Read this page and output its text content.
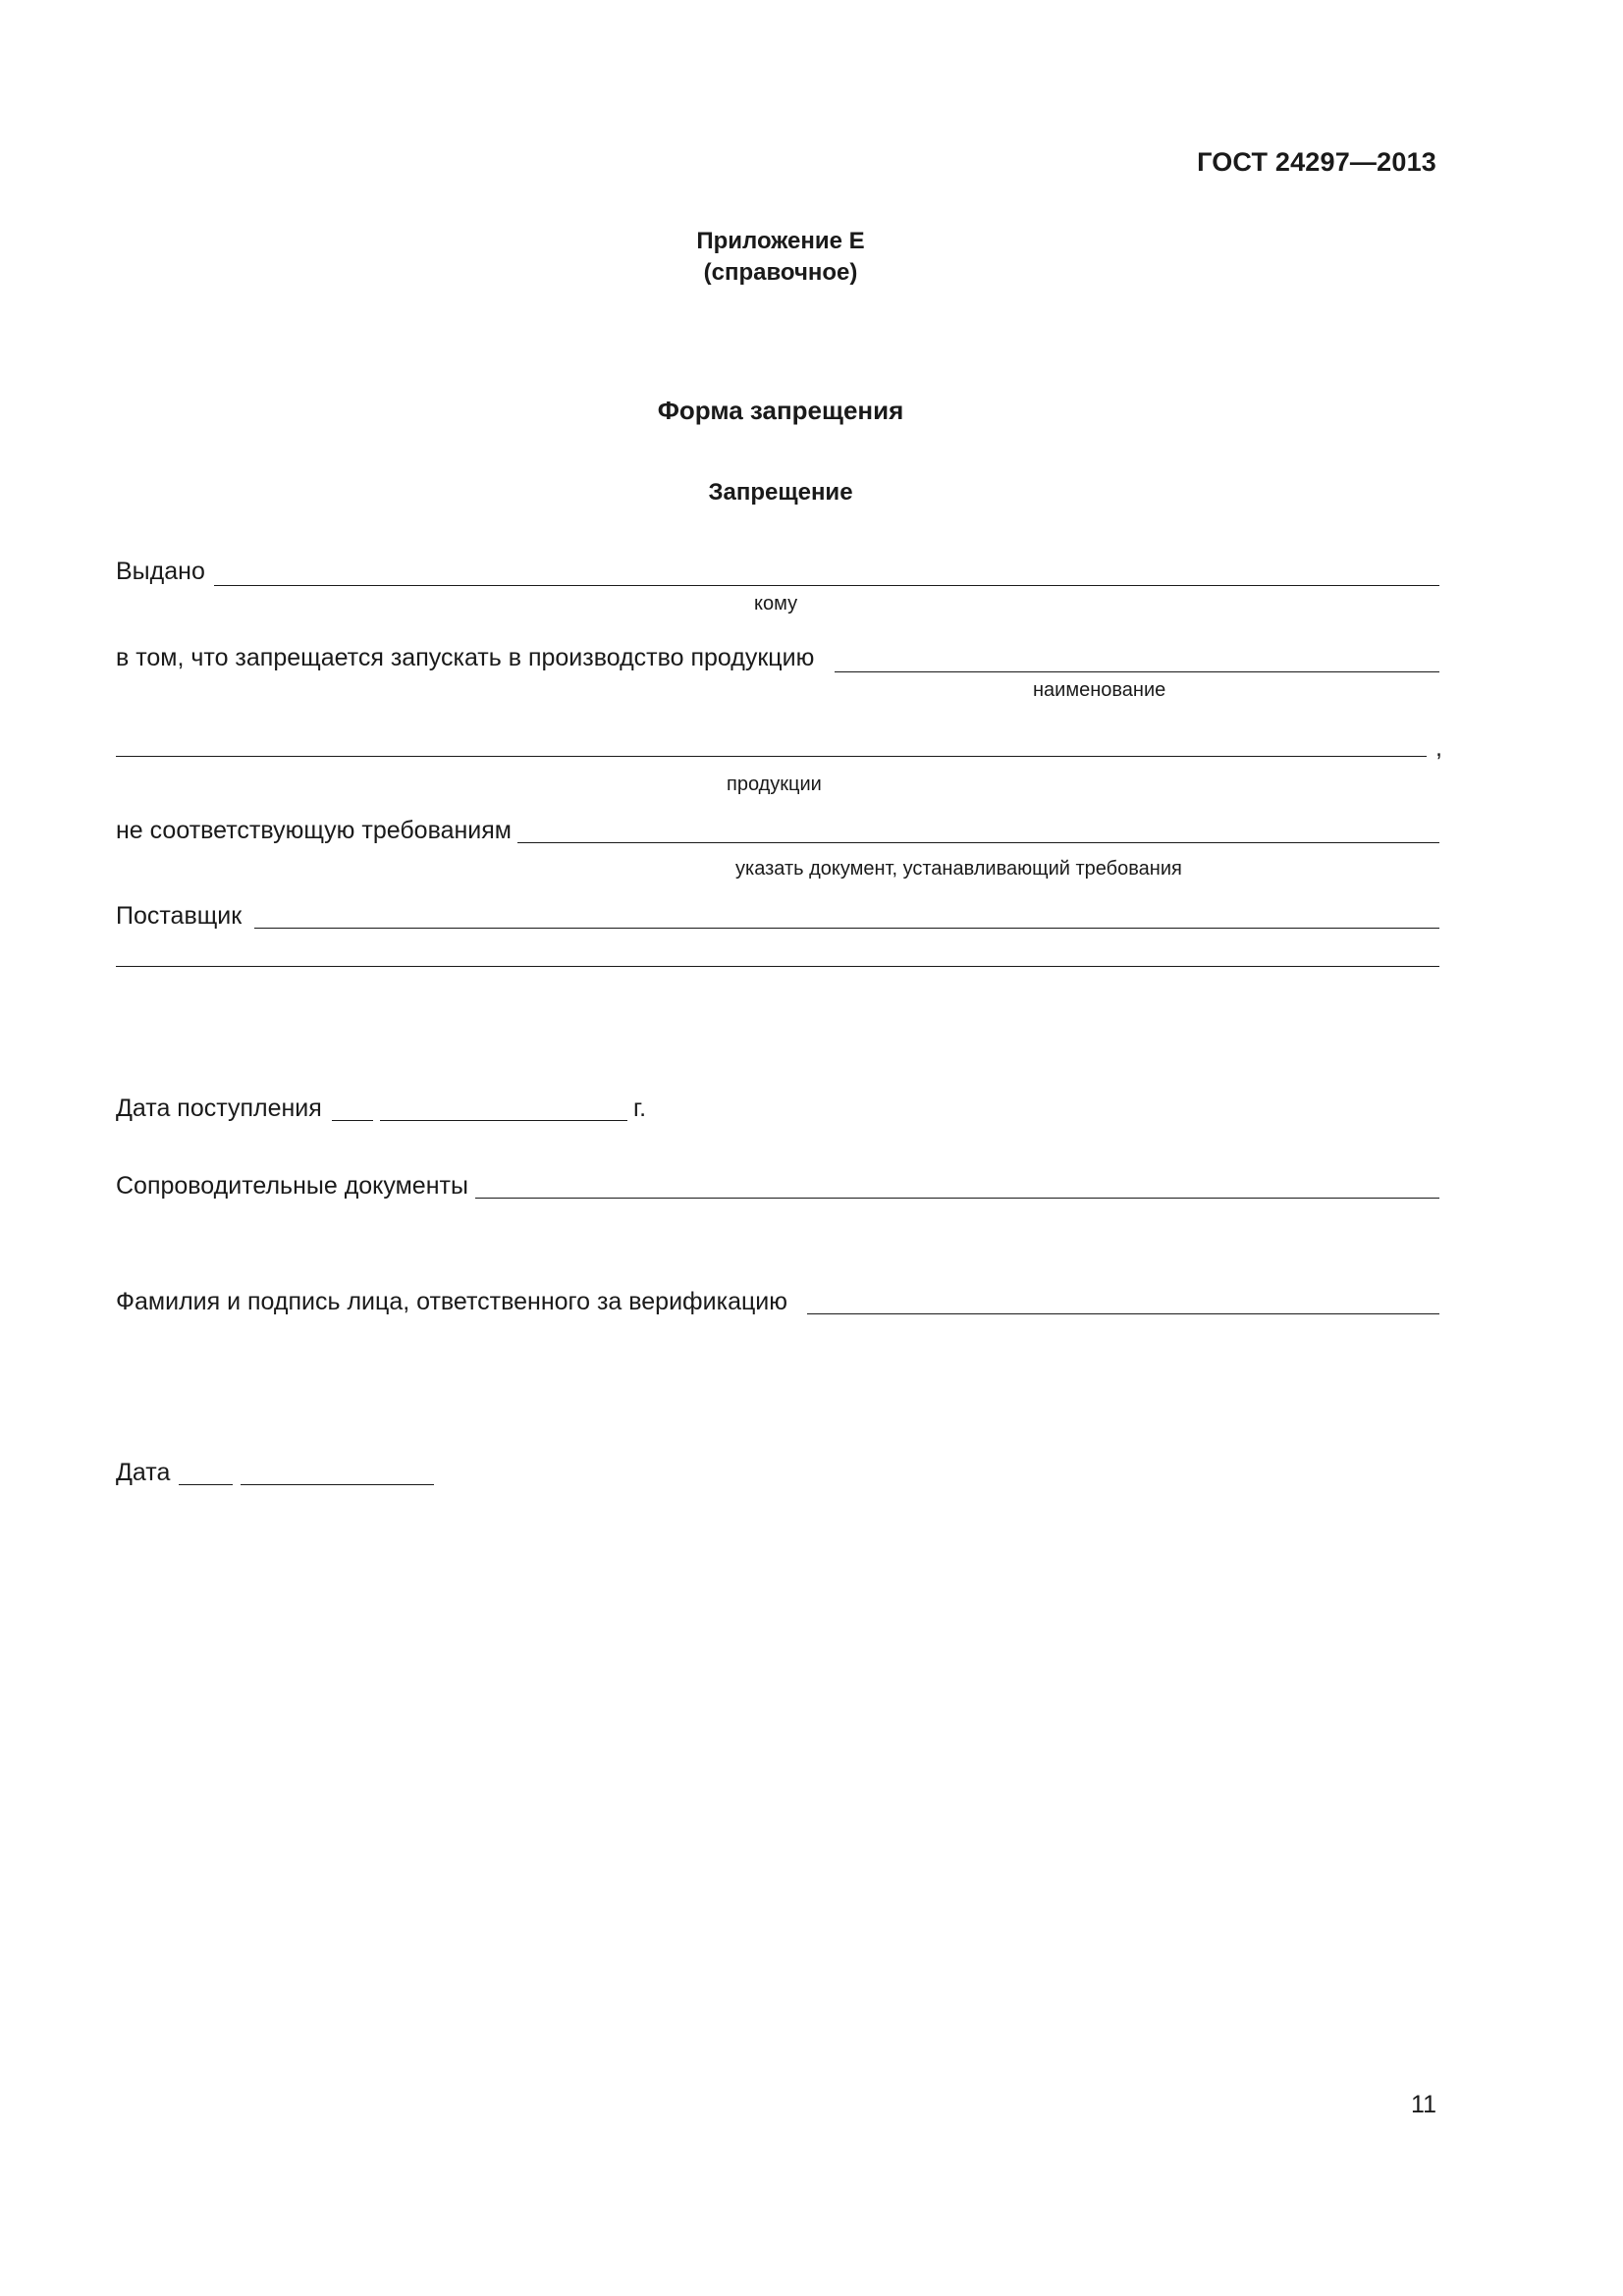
ГОСТ 24297—2013
Приложение Е
(справочное)
Форма запрещения
Запрещение
Выдано
кому
в том, что запрещается запускать в производство продукцию
наименование
,
продукции
не соответствующую требованиям
указать документ, устанавливающий требования
Поставщик
Дата поступления	г.
Сопроводительные документы
Фамилия и подпись лица, ответственного за верификацию
Дата
11
